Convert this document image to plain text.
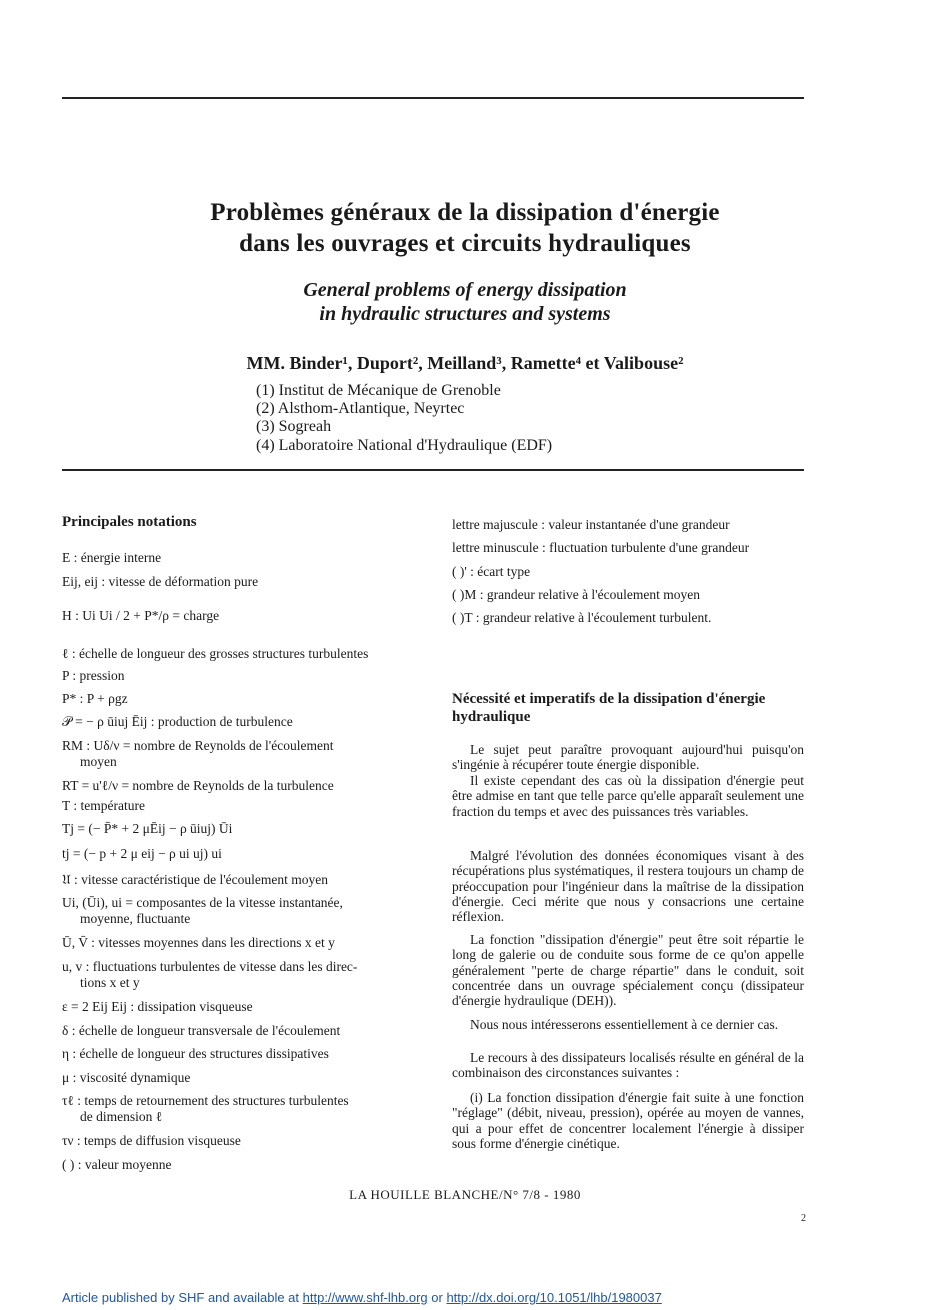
Problèmes généraux de la dissipation d'énergie
dans les ouvrages et circuits hydrauliques
General problems of energy dissipation
in hydraulic structures and systems
MM. Binder¹, Duport², Meilland³, Ramette⁴ et Valibouse²
(1) Institut de Mécanique de Grenoble
(2) Alsthom-Atlantique, Neyrtec
(3) Sogreah
(4) Laboratoire National d'Hydraulique (EDF)
Principales notations
E : énergie interne
Eij, eij : vitesse de déformation pure
H : Ui Ui / 2 + P*/ρ = charge
ℓ : échelle de longueur des grosses structures turbulentes
P : pression
P* : P + ρgz
𝒫 = − ρ ūiuj Ēij : production de turbulence
RM : Uδ/ν = nombre de Reynolds de l'écoulement
moyen
RT = u'ℓ/ν = nombre de Reynolds de la turbulence
T : température
Tj = (− P̄* + 2 μĒij − ρ ūiuj) Ūi
tj = (− p + 2 μ eij − ρ ui uj) ui
𝔘 : vitesse caractéristique de l'écoulement moyen
Ui, (Ūi), ui = composantes de la vitesse instantanée,
moyenne, fluctuante
Ū, V̄ : vitesses moyennes dans les directions x et y
u, v : fluctuations turbulentes de vitesse dans les direc-
tions x et y
ε = 2 Eij Eij : dissipation visqueuse
δ : échelle de longueur transversale de l'écoulement
η : échelle de longueur des structures dissipatives
μ : viscosité dynamique
τℓ : temps de retournement des structures turbulentes
de dimension ℓ
τν : temps de diffusion visqueuse
( ) : valeur moyenne
lettre majuscule : valeur instantanée d'une grandeur
lettre minuscule : fluctuation turbulente d'une grandeur
( )' : écart type
( )M : grandeur relative à l'écoulement moyen
( )T : grandeur relative à l'écoulement turbulent.
Nécessité et imperatifs de la dissipation d'énergie
hydraulique
Le sujet peut paraître provoquant aujourd'hui puisqu'on s'ingénie à récupérer toute énergie disponible.
Il existe cependant des cas où la dissipation d'énergie peut être admise en tant que telle parce qu'elle apparaît seulement une fraction du temps et avec des puissances très variables.
Malgré l'évolution des données économiques visant à des récupérations plus systématiques, il restera toujours un champ de préoccupation pour l'ingénieur dans la maîtrise de la dissipation d'énergie. Ceci mérite que nous y consacrions une certaine réflexion.
La fonction "dissipation d'énergie" peut être soit répartie le long de galerie ou de conduite sous forme de ce qu'on appelle généralement "perte de charge répartie" dans le conduit, soit concentrée dans un ouvrage spécialement conçu (dissipateur d'énergie hydraulique (DEH)).
Nous nous intéresserons essentiellement à ce dernier cas.
Le recours à des dissipateurs localisés résulte en général de la combinaison des circonstances suivantes :
(i) La fonction dissipation d'énergie fait suite à une fonction "réglage" (débit, niveau, pression), opérée au moyen de vannes, qui a pour effet de concentrer localement l'énergie à dissiper sous forme d'énergie cinétique.
LA HOUILLE BLANCHE/N° 7/8 - 1980
2
Article published by SHF and available at http://www.shf-lhb.org or http://dx.doi.org/10.1051/lhb/1980037
